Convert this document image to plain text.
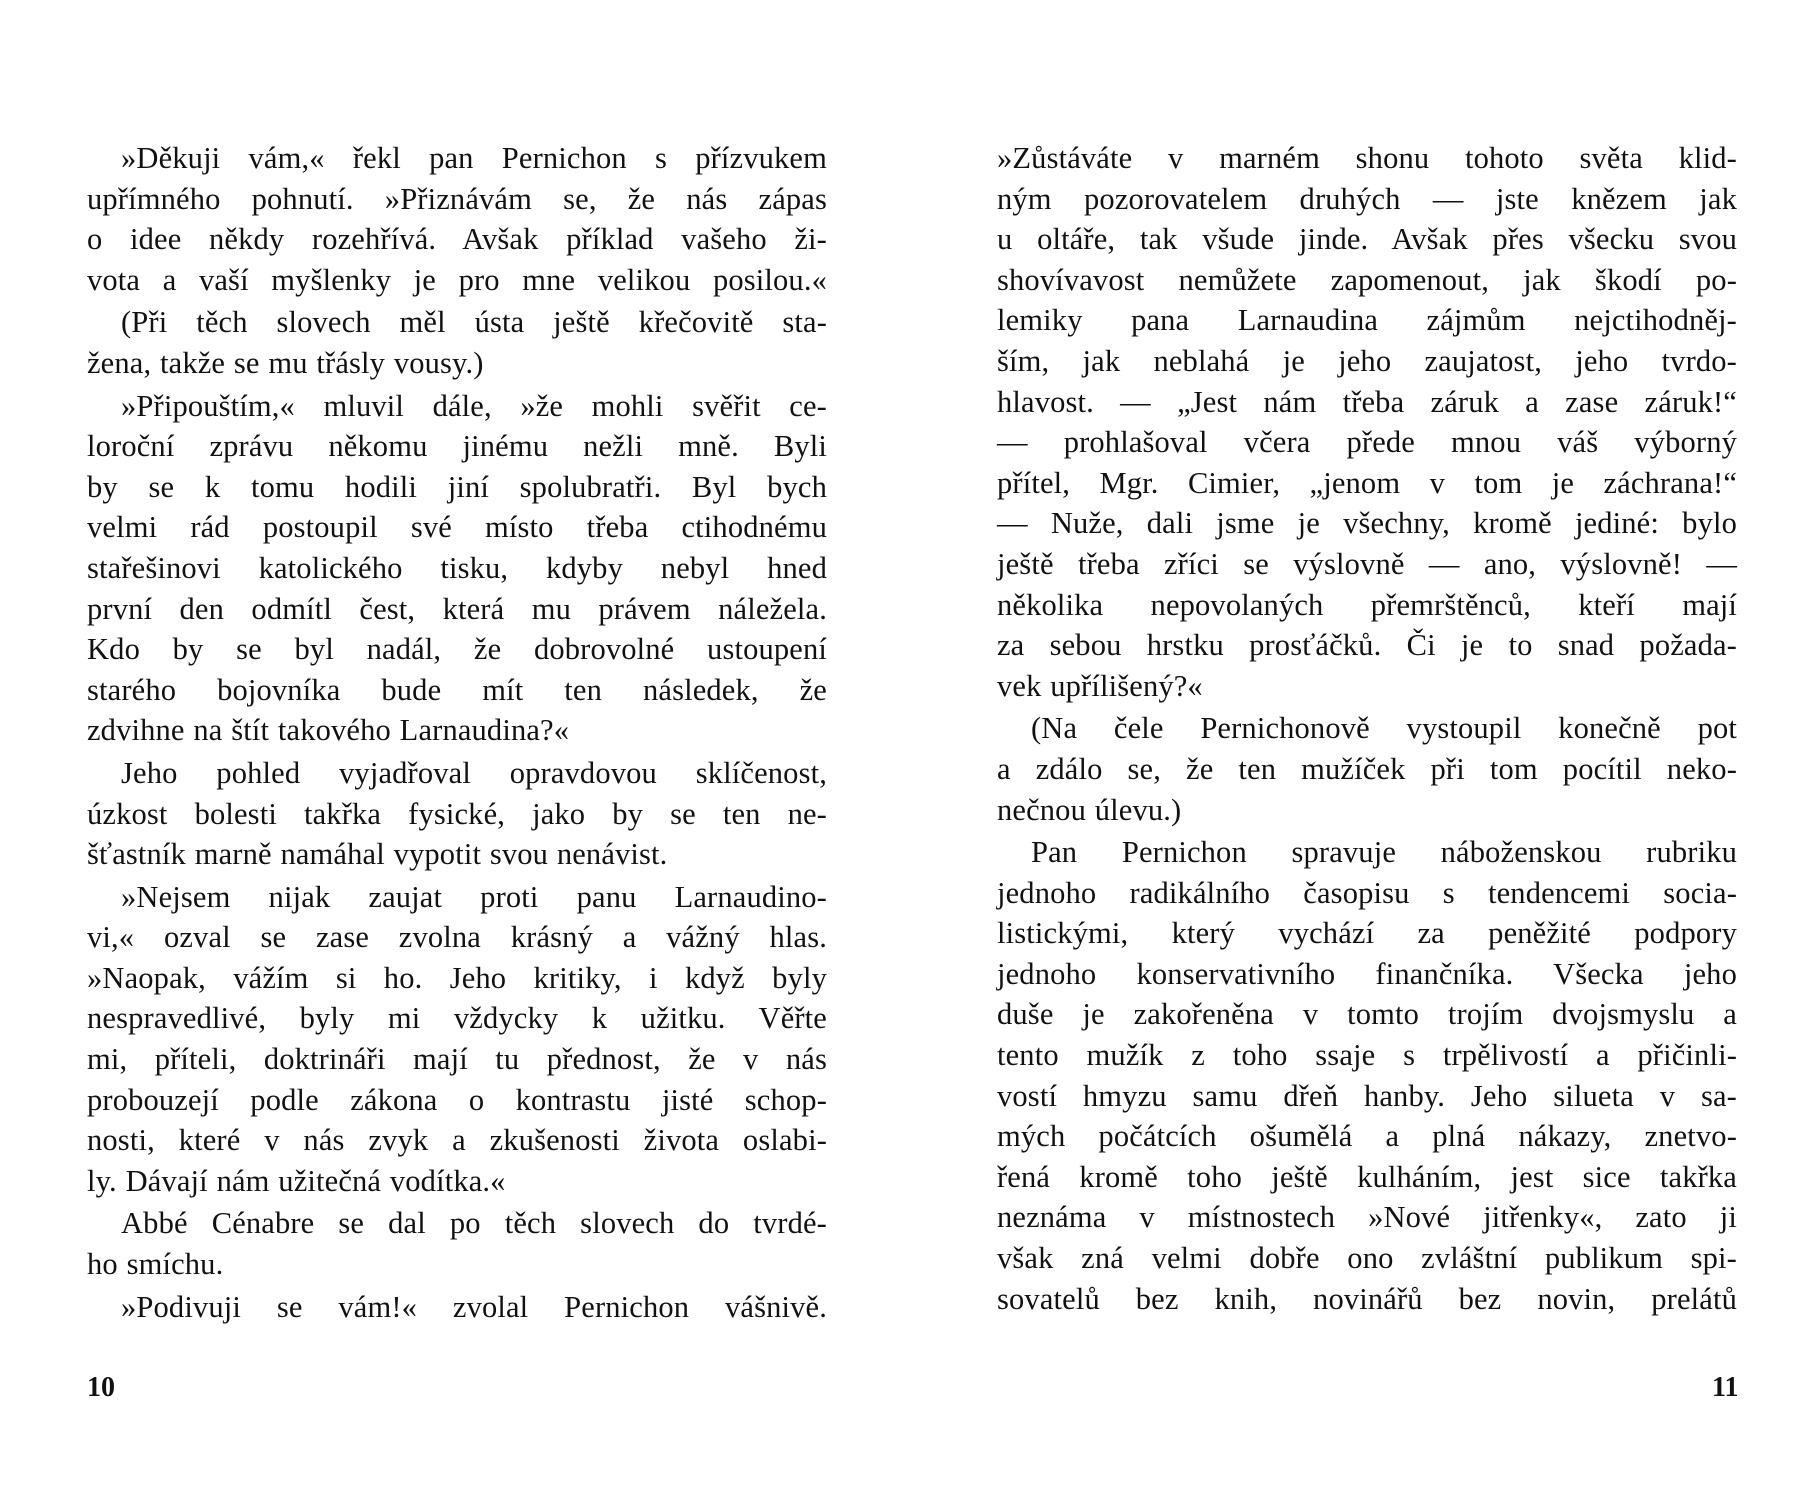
»Děkuji vám,« řekl pan Pernichon s přízvukem
upřímného pohnutí. »Přiznávám se, že nás zápas
o idee někdy rozehřívá. Avšak příklad vašeho ži-
vota a vaší myšlenky je pro mne velikou posilou.«
(Při těch slovech měl ústa ještě křečovitě sta-
žena, takže se mu třásly vousy.)
»Připouštím,« mluvil dále, »že mohli svěřit ce-
loroční zprávu někomu jinému nežli mně. Byli
by se k tomu hodili jiní spolubratři. Byl bych
velmi rád postoupil své místo třeba ctihodnému
stařešinovi katolického tisku, kdyby nebyl hned
první den odmítl čest, která mu právem náležela.
Kdo by se byl nadál, že dobrovolné ustoupení
starého bojovníka bude mít ten následek, že
zdvihne na štít takového Larnaudina?«
Jeho pohled vyjadřoval opravdovou sklíčenost,
úzkost bolesti takřka fysické, jako by se ten ne-
šťastník marně namáhal vypotit svou nenávist.
»Nejsem nijak zaujat proti panu Larnaudino-
vi,« ozval se zase zvolna krásný a vážný hlas.
»Naopak, vážím si ho. Jeho kritiky, i když byly
nespravedlivé, byly mi vždycky k užitku. Věřte
mi, příteli, doktrináři mají tu přednost, že v nás
probouzejí podle zákona o kontrastu jisté schop-
nosti, které v nás zvyk a zkušenosti života oslabi-
ly. Dávají nám užitečná vodítka.«
Abbé Cénabre se dal po těch slovech do tvrdé-
ho smíchu.
»Podivuji se vám!« zvolal Pernichon vášnivě.
10
»Zůstáváte v marném shonu tohoto světa klid-
ným pozorovatelem druhých — jste knězem jak
u oltáře, tak všude jinde. Avšak přes všecku svou
shovívavost nemůžete zapomenout, jak škodí po-
lemiky pana Larnaudina zájmům nejctihodněj-
ším, jak neblahá je jeho zaujatost, jeho tvrdo-
hlavost. — „Jest nám třeba záruk a zase záruk!“
— prohlašoval včera přede mnou váš výborný
přítel, Mgr. Cimier, „jenom v tom je záchrana!“
— Nuže, dali jsme je všechny, kromě jediné: bylo
ještě třeba zříci se výslovně — ano, výslovně! —
několika nepovolaných přemrštěnců, kteří mají
za sebou hrstku prosťáčků. Či je to snad požada-
vek upřílišený?«
(Na čele Pernichonově vystoupil konečně pot
a zdálo se, že ten mužíček při tom pocítil neko-
nečnou úlevu.)
Pan Pernichon spravuje náboženskou rubriku
jednoho radikálního časopisu s tendencemi socia-
listickými, který vychází za peněžité podpory
jednoho konservativního finančníka. Všecka jeho
duše je zakořeněna v tomto trojím dvojsmyslu a
tento mužík z toho ssaje s trpělivostí a přičinli-
vostí hmyzu samu dřeň hanby. Jeho silueta v sa-
mých počátcích ošumělá a plná nákazy, znetvo-
řená kromě toho ještě kulháním, jest sice takřka
neznáma v místnostech »Nové jitřenky«, zato ji
však zná velmi dobře ono zvláštní publikum spi-
sovatelů bez knih, novinářů bez novin, prelátů
11
